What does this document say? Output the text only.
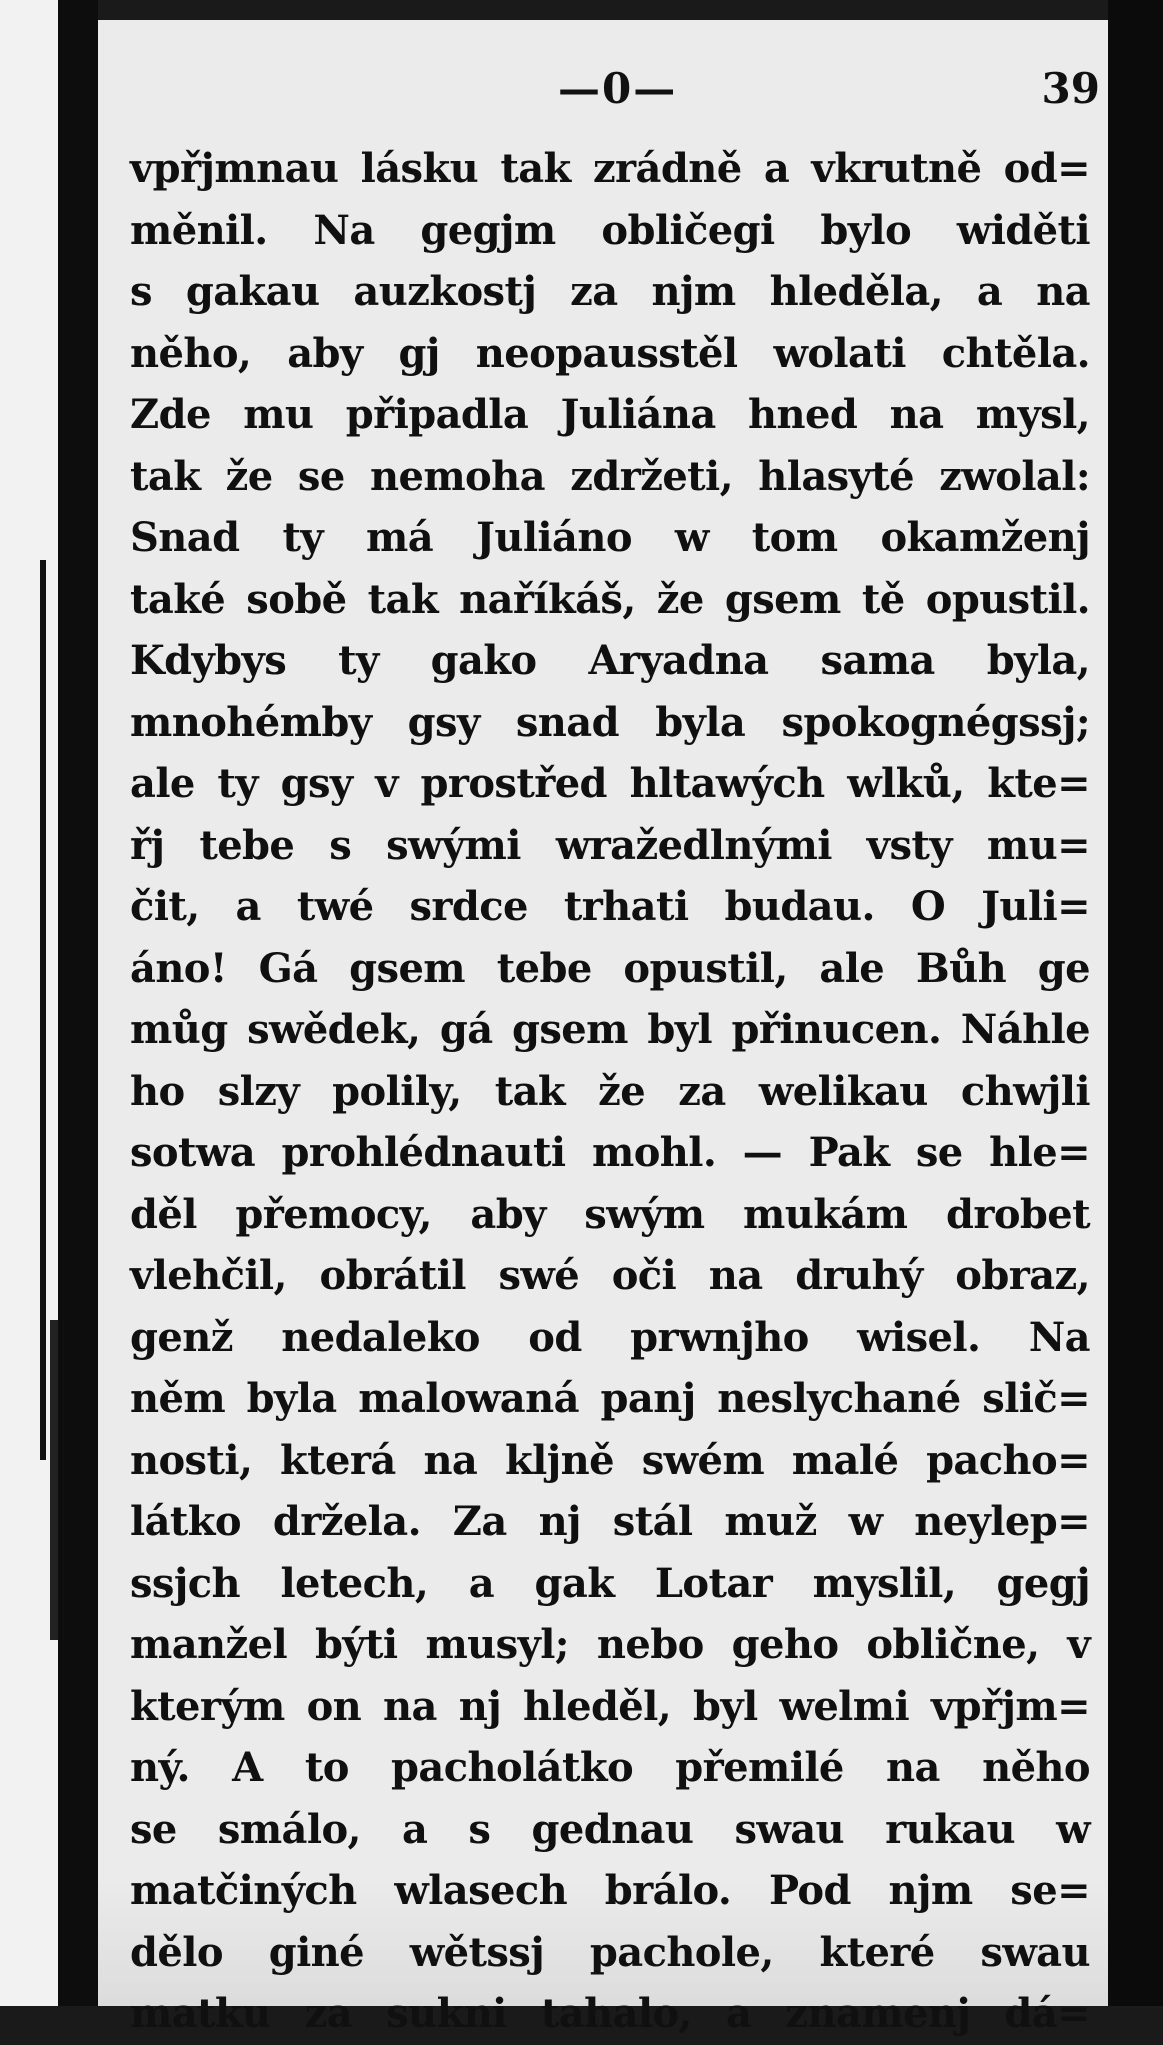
—0—	39
vpřjmnau lásku tak zrádně a vkrutně od=
měnil. Na gegjm obličegi bylo widěti
s gakau auzkostj za njm hleděla, a na
něho, aby gj neopausstěl wolati chtěla.
Zde mu připadla Juliána hned na mysl,
tak že se nemoha zdržeti, hlasyté zwolal:
Snad ty má Juliáno w tom okamženj
také sobě tak naříkáš, že gsem tě opustil.
Kdybys ty gako Aryadna sama byla,
mnohémby gsy snad byla spokognégssj;
ale ty gsy v prostřed hltawých wlků, kte=
řj tebe s swými wražedlnými vsty mu=
čit, a twé srdce trhati budau. O Juli=
áno! Gá gsem tebe opustil, ale Bůh ge
můg swědek, gá gsem byl přinucen. Náhle
ho slzy polily, tak že za welikau chwjli
sotwa prohlédnauti mohl. — Pak se hle=
děl přemocy, aby swým mukám drobet
vlehčil, obrátil swé oči na druhý obraz,
genž nedaleko od prwnjho wisel. Na
něm byla malowaná panj neslychané slič=
nosti, která na kljně swém malé pacho=
látko držela. Za nj stál muž w neylep=
ssjch letech, a gak Lotar myslil, gegj
manžel býti musyl; nebo geho oblične, v
kterým on na nj hleděl, byl welmi vpřjm=
ný. A to pacholátko přemilé na něho
se smálo, a s gednau swau rukau w
matčiných wlasech brálo. Pod njm se=
dělo giné wětssj pachole, které swau
matku za sukni tahalo, a znamenj dá=
